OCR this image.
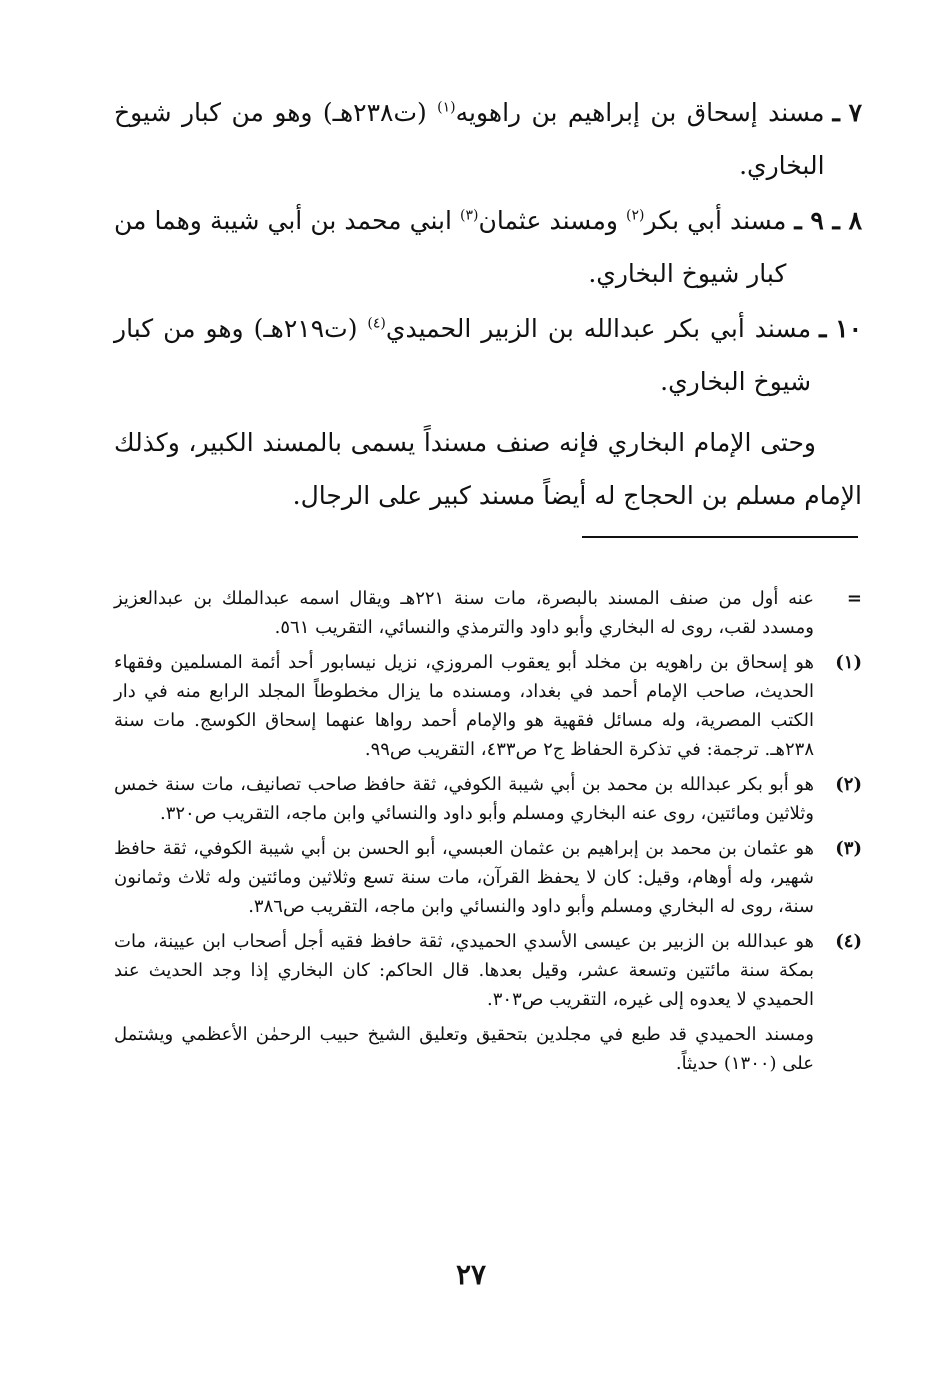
٧ ـ
مسند إسحاق بن إبراهيم بن راهويه$^{(١)}$ (ت٢٣٨هـ) وهو من كبار شيوخ البخاري.
٨ ـ ٩ ـ
مسند أبي بكر$^{(٢)}$ ومسند عثمان$^{(٣)}$ ابني محمد بن أبي شيبة وهما من كبار شيوخ البخاري.
١٠ ـ
مسند أبي بكر عبدالله بن الزبير الحميدي$^{(٤)}$ (ت٢١٩هـ) وهو من كبار شيوخ البخاري.

وحتى الإمام البخاري فإنه صنف مسنداً يسمى بالمسند الكبير، وكذلك الإمام مسلم بن الحجاج له أيضاً مسند كبير على الرجال.

=
عنه أول من صنف المسند بالبصرة، مات سنة ٢٢١هـ ويقال اسمه عبدالملك بن عبدالعزيز ومسدد لقب، روى له البخاري وأبو داود والترمذي والنسائي، التقريب ٥٦١.
(١)
هو إسحاق بن راهويه بن مخلد أبو يعقوب المروزي، نزيل نيسابور أحد أئمة المسلمين وفقهاء الحديث، صاحب الإمام أحمد في بغداد، ومسنده ما يزال مخطوطاً المجلد الرابع منه في دار الكتب المصرية، وله مسائل فقهية هو والإمام أحمد رواها عنهما إسحاق الكوسج. مات سنة ٢٣٨هـ. ترجمة: في تذكرة الحفاظ ج٢ ص٤٣٣، التقريب ص٩٩.
(٢)
هو أبو بكر عبدالله بن محمد بن أبي شيبة الكوفي، ثقة حافظ صاحب تصانيف، مات سنة خمس وثلاثين ومائتين، روى عنه البخاري ومسلم وأبو داود والنسائي وابن ماجه، التقريب ص٣٢٠.
(٣)
هو عثمان بن محمد بن إبراهيم بن عثمان العبسي، أبو الحسن بن أبي شيبة الكوفي، ثقة حافظ شهير، وله أوهام، وقيل: كان لا يحفظ القرآن، مات سنة تسع وثلاثين ومائتين وله ثلاث وثمانون سنة، روى له البخاري ومسلم وأبو داود والنسائي وابن ماجه، التقريب ص٣٨٦.
(٤)
هو عبدالله بن الزبير بن عيسى الأسدي الحميدي، ثقة حافظ فقيه أجل أصحاب ابن عيينة، مات بمكة سنة مائتين وتسعة عشر، وقيل بعدها. قال الحاكم: كان البخاري إذا وجد الحديث عند الحميدي لا يعدوه إلى غيره، التقريب ص٣٠٣.
ومسند الحميدي قد طبع في مجلدين بتحقيق وتعليق الشيخ حبيب الرحمٰن الأعظمي ويشتمل على (١٣٠٠) حديثاً.
٢٧
